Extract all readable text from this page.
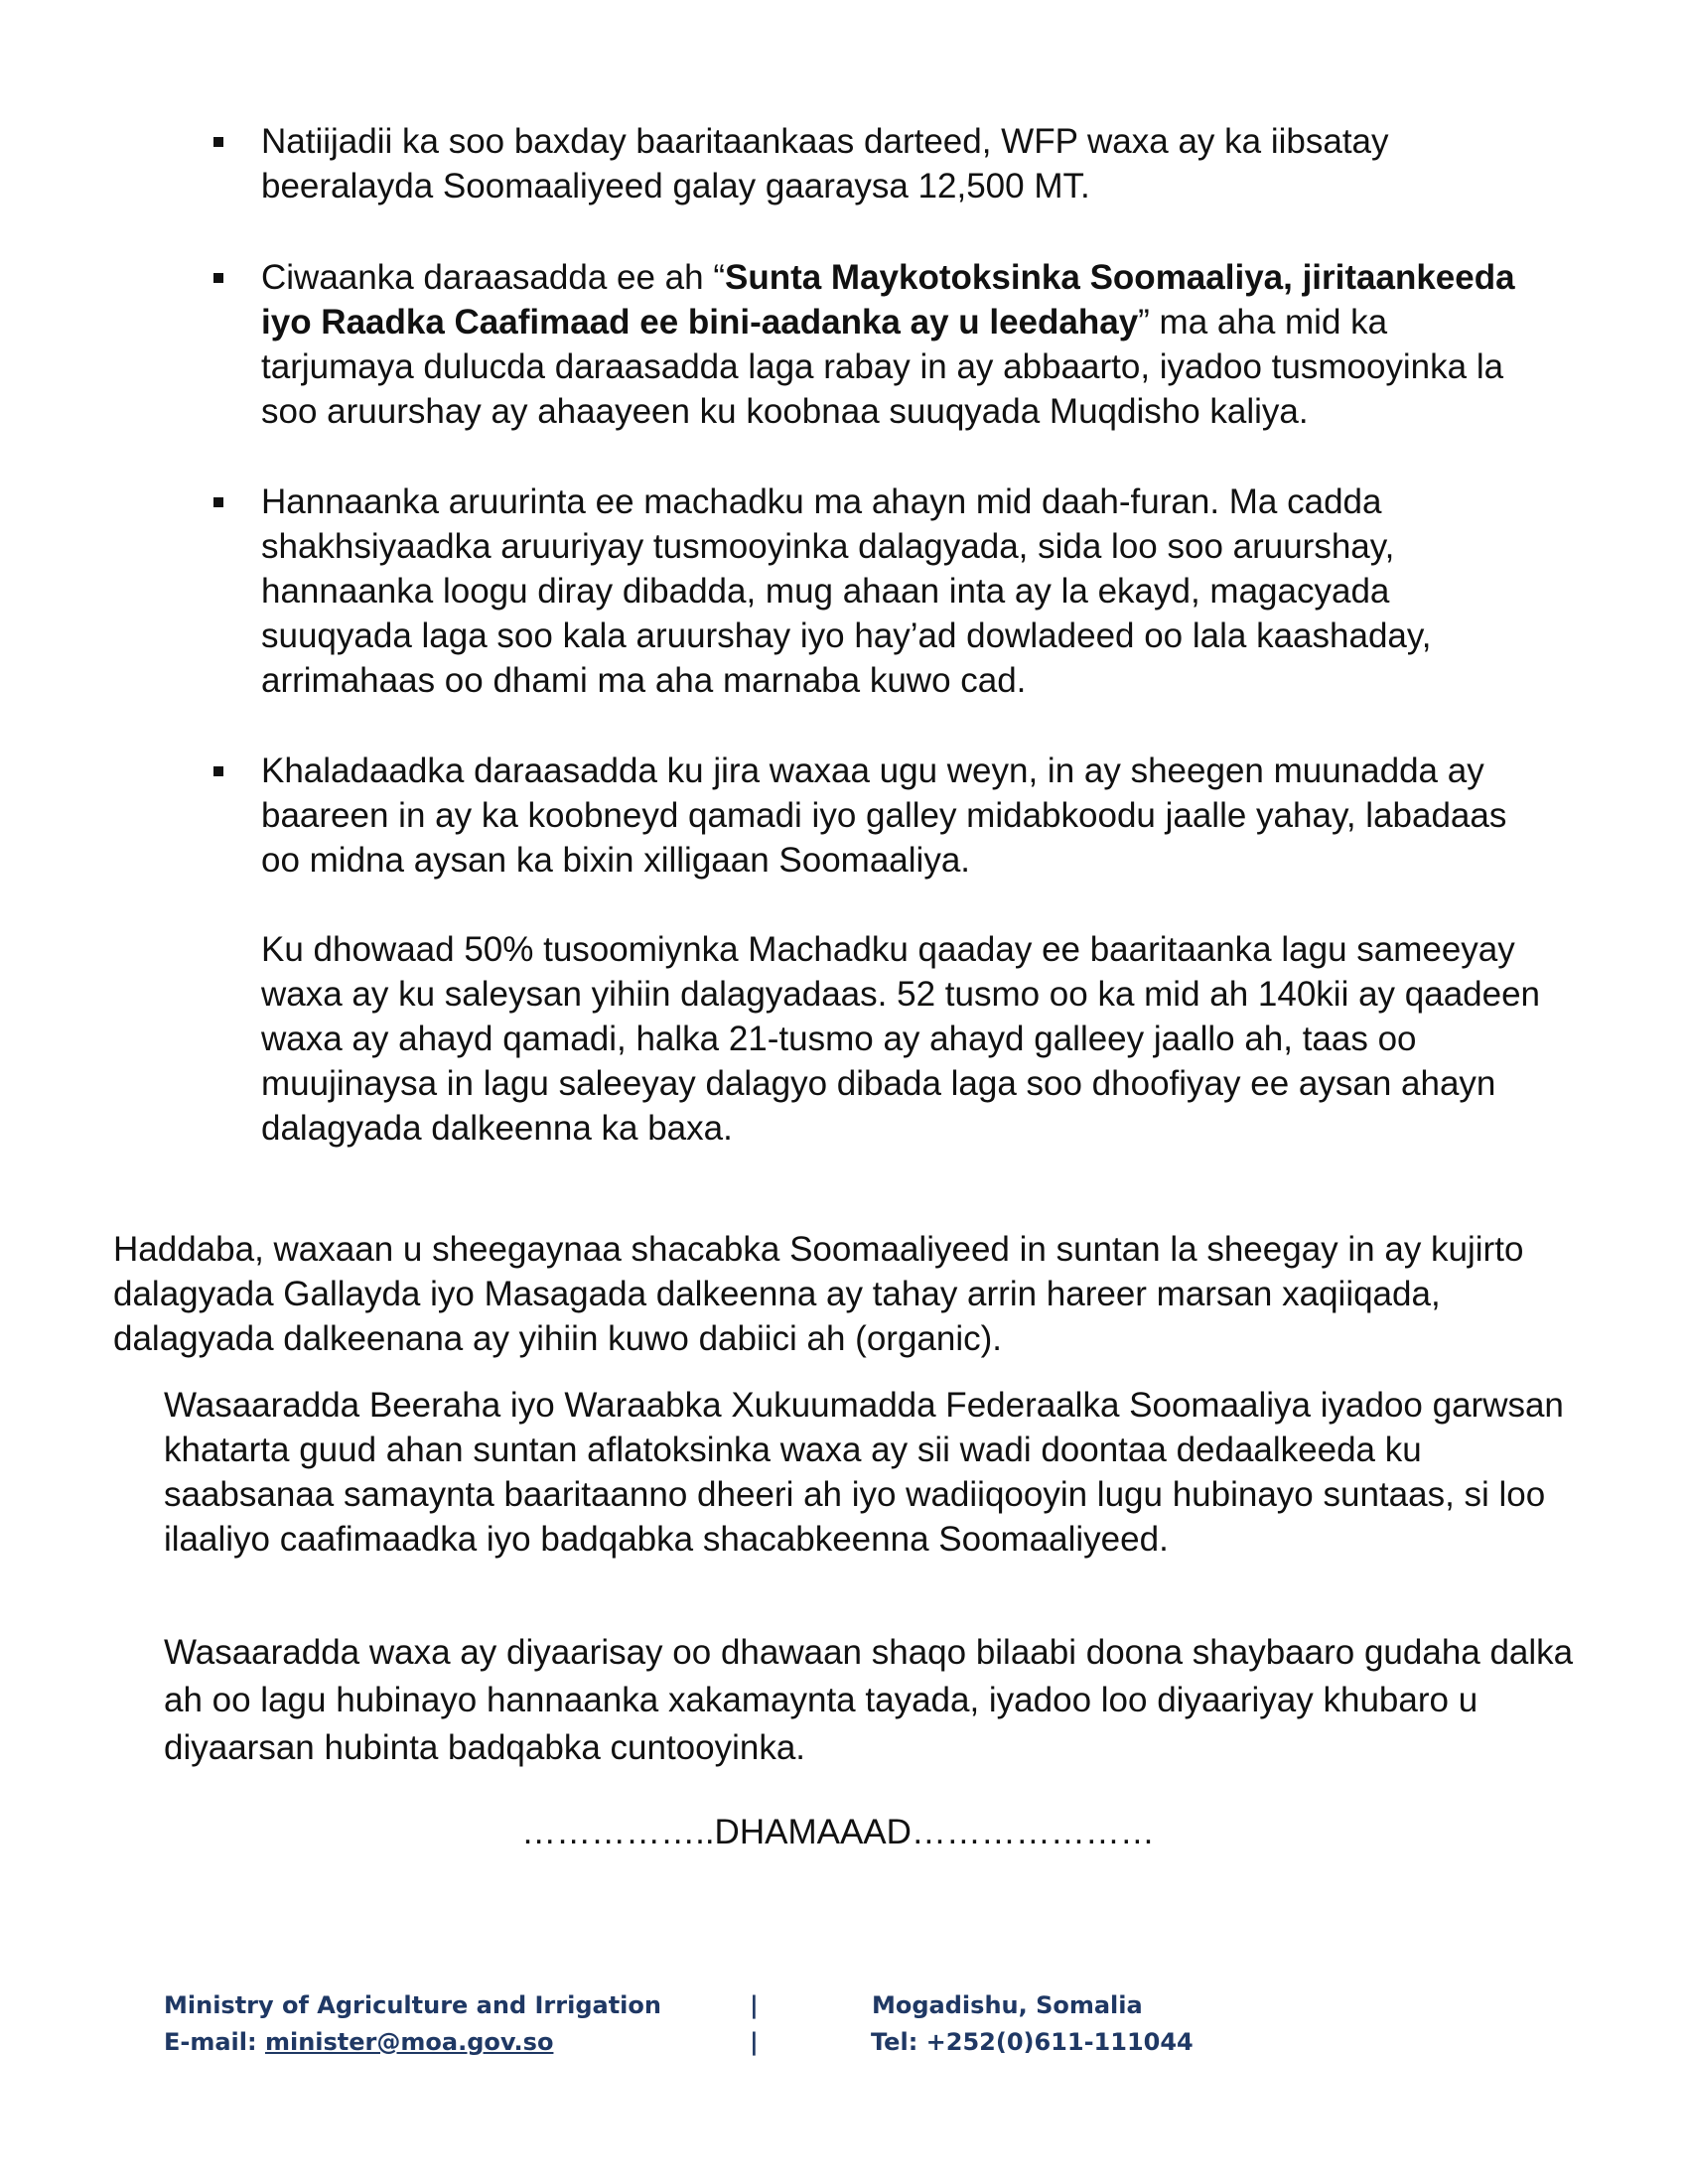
Natiijadii ka soo baxday baaritaankaas darteed, WFP waxa ay ka iibsatay beeralayda Soomaaliyeed galay gaaraysa 12,500 MT.

Ciwaanka daraasadda ee ah “Sunta Maykotoksinka Soomaaliya, jiritaankeeda iyo Raadka Caafimaad ee bini-aadanka ay u leedahay” ma aha mid ka tarjumaya dulucda daraasadda laga rabay in ay abbaarto, iyadoo tusmooyinka la soo aruurshay ay ahaayeen ku koobnaa suuqyada Muqdisho kaliya.

Hannaanka aruurinta ee machadku ma ahayn mid daah-furan. Ma cadda shakhsiyaadka aruuriyay tusmooyinka dalagyada, sida loo soo aruurshay, hannaanka loogu diray dibadda, mug ahaan inta ay la ekayd, magacyada suuqyada laga soo kala aruurshay iyo hay’ad dowladeed oo lala kaashaday, arrimahaas oo dhami ma aha marnaba kuwo cad.

Khaladaadka daraasadda ku jira waxaa ugu weyn, in ay sheegen muunadda ay baareen in ay ka koobneyd qamadi iyo galley midabkoodu jaalle yahay, labadaas oo midna aysan ka bixin xilligaan Soomaaliya.

Ku dhowaad 50% tusoomiynka Machadku qaaday ee baaritaanka lagu sameeyay waxa ay ku saleysan yihiin dalagyadaas. 52 tusmo oo ka mid ah 140kii ay qaadeen waxa ay ahayd qamadi, halka 21-tusmo ay ahayd galleey jaallo ah, taas oo muujinaysa in lagu saleeyay dalagyo dibada laga soo dhoofiyay ee aysan ahayn dalagyada dalkeenna ka baxa.

Haddaba, waxaan u sheegaynaa shacabka Soomaaliyeed in suntan la sheegay in ay kujirto dalagyada Gallayda iyo Masagada dalkeenna ay tahay arrin hareer marsan xaqiiqada, dalagyada dalkeenana ay yihiin kuwo dabiici ah (organic).

Wasaaradda Beeraha iyo Waraabka Xukuumadda Federaalka Soomaaliya iyadoo garwsan khatarta guud ahan suntan aflatoksinka waxa ay sii wadi doontaa dedaalkeeda ku saabsanaa samaynta baaritaanno dheeri ah iyo wadiiqooyin lugu hubinayo suntaas, si loo ilaaliyo caafimaadka iyo badqabka shacabkeenna Soomaaliyeed.

Wasaaradda waxa ay diyaarisay oo dhawaan shaqo bilaabi doona shaybaaro gudaha dalka ah oo lagu hubinayo hannaanka xakamaynta tayada, iyadoo loo diyaariyay khubaro u diyaarsan hubinta badqabka cuntooyinka.

……………..DHAMAAAD…………………
Ministry of Agriculture and Irrigation	|	Mogadishu, Somalia
E-mail: minister@moa.gov.so	|	Tel: +252(0)611-111044
